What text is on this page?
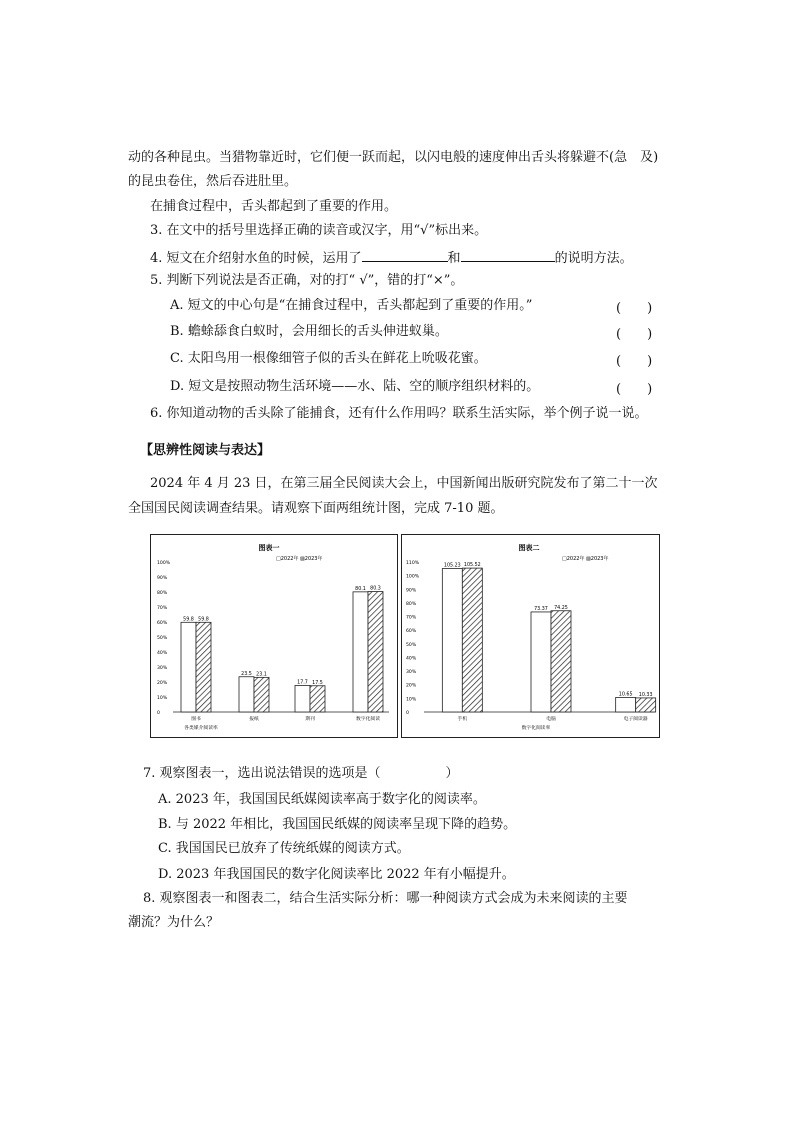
动的各种昆虫。当猎物靠近时，它们便一跃而起，以闪电般的速度伸出舌头将躲避不(急　及)
的昆虫卷住，然后吞进肚里。
在捕食过程中，舌头都起到了重要的作用。
3. 在文中的括号里选择正确的读音或汉字，用“√”标出来。
4. 短文在介绍射水鱼的时候，运用了	和	的说明方法。
5. 判断下列说法是否正确，对的打“ √”，错的打“×”。
A. 短文的中心句是“在捕食过程中，舌头都起到了重要的作用。”	(　　)
B. 蟾蜍舔食白蚁时，会用细长的舌头伸进蚁巢。	(　　)
C. 太阳鸟用一根像细管子似的舌头在鲜花上吮吸花蜜。	(　　)
D. 短文是按照动物生活环境——水、陆、空的顺序组织材料的。	(　　)
6. 你知道动物的舌头除了能捕食，还有什么作用吗？联系生活实际，举个例子说一说。
【思辨性阅读与表达】
2024 年 4 月 23 日，在第三届全民阅读大会上，中国新闻出版研究院发布了第二十一次
全国国民阅读调查结果。请观察下面两组统计图，完成 7-10 题。
图表一
□2022年 ▨2023年
0
10%
20%
30%
40%
50%
60%
70%
80%
90%
100%
59.8 59.8
图书
23.5 23.1
报纸
17.7 17.5
期刊
80.1 80.3
数字化阅读
各类媒介阅读率
图表二
□2022年 ▨2023年
0
10%
20%
30%
40%
50%
60%
70%
80%
90%
100%
110%
105.23 105.52
手机
73.37 74.25
电脑
10.65 10.33
电子阅读器
数字化阅读率
7. 观察图表一，选出说法错误的选项是（　　　　　）
A. 2023 年，我国国民纸媒阅读率高于数字化的阅读率。
B. 与 2022 年相比，我国国民纸媒的阅读率呈现下降的趋势。
C. 我国国民已放弃了传统纸媒的阅读方式。
D. 2023 年我国国民的数字化阅读率比 2022 年有小幅提升。
8. 观察图表一和图表二，结合生活实际分析：哪一种阅读方式会成为未来阅读的主要
潮流？为什么？
